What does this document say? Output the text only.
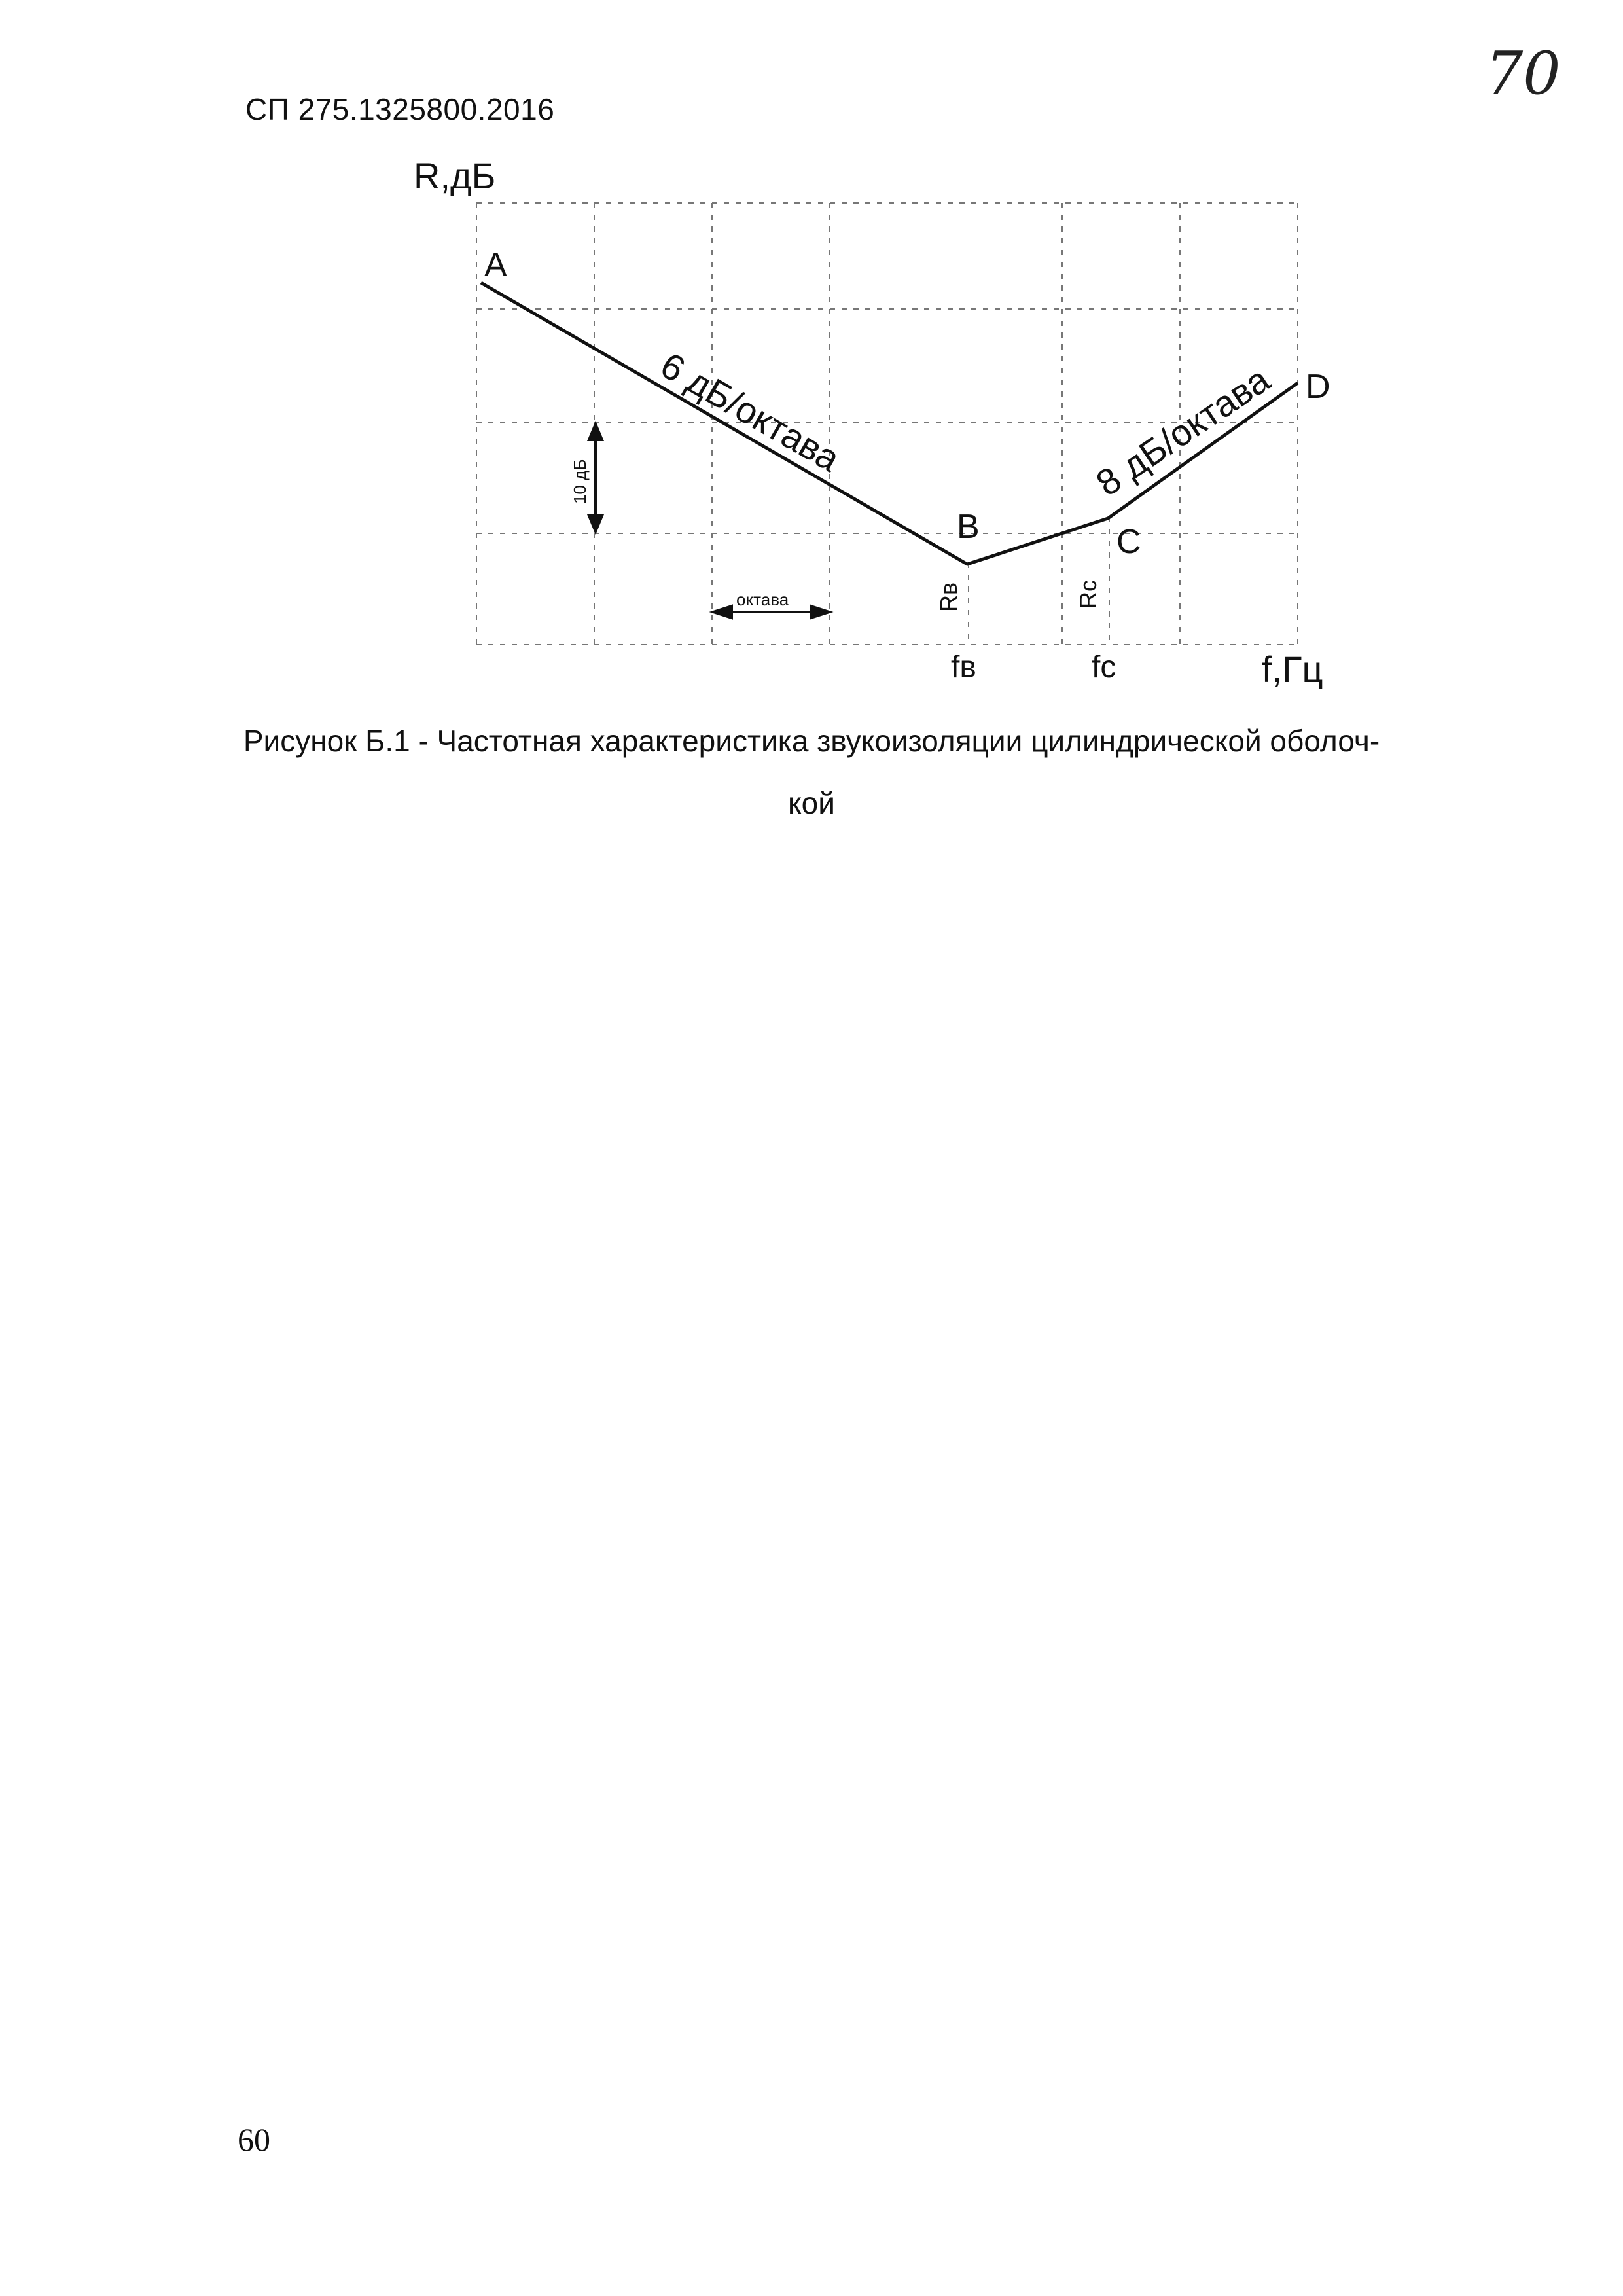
СП 275.1325800.2016
70
A
B	C
D
6 дБ/октава	8 дБ/октава
10 дБ
октава	Rв	Rc
R,дБ
f,Гц
fв	fc
Рисунок Б.1 - Частотная характеристика звукоизоляции цилиндрической оболоч-
кой
60
